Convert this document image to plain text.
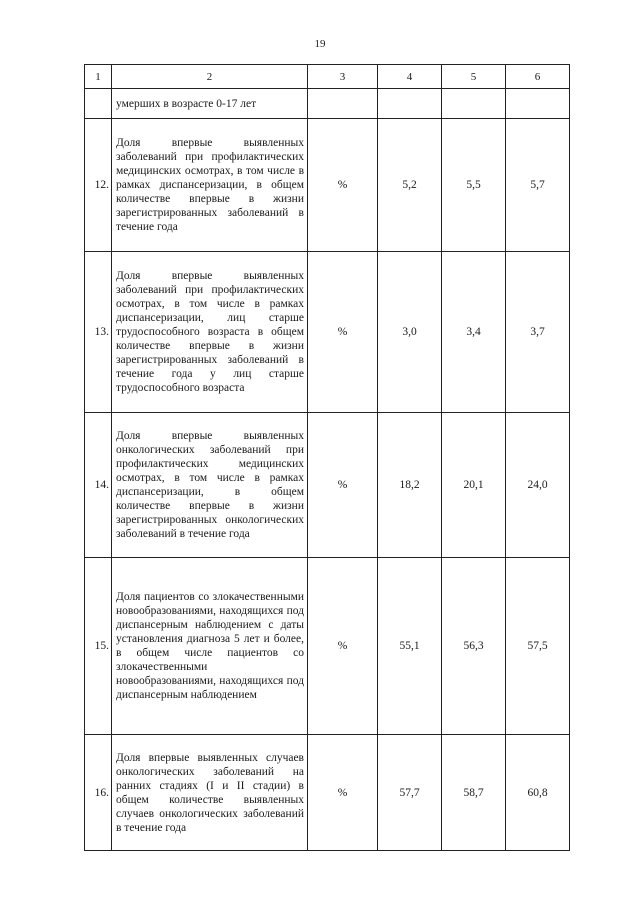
19
1	2	3	4	5	6
	умерших в возрасте 0-17 лет				
12.	Доля впервые выявленных заболеваний при профилактических медицинских осмотрах, в том числе в рамках диспансеризации, в общем количестве впервые в жизни зарегистрированных заболеваний в течение года	%	5,2	5,5	5,7
13.	Доля впервые выявленных заболеваний при профилактических осмотрах, в том числе в рамках диспансеризации, лиц старше трудоспособного возраста в общем количестве впервые в жизни зарегистрированных заболеваний в течение года у лиц старше трудоспособного возраста	%	3,0	3,4	3,7
14.	Доля впервые выявленных онкологических заболеваний при профилактических медицинских осмотрах, в том числе в рамках диспансеризации, в общем количестве впервые в жизни зарегистрированных онкологических заболеваний в течение года	%	18,2	20,1	24,0
15.	Доля пациентов со злокачественными новообразованиями, находящихся под диспансерным наблюдением с даты установления диагноза 5 лет и более, в общем числе пациентов со злокачественными новообразованиями, находящихся под диспансерным наблюдением	%	55,1	56,3	57,5
16.	Доля впервые выявленных случаев онкологических заболеваний на ранних стадиях (I и II стадии) в общем количестве выявленных случаев онкологических заболеваний в течение года	%	57,7	58,7	60,8
